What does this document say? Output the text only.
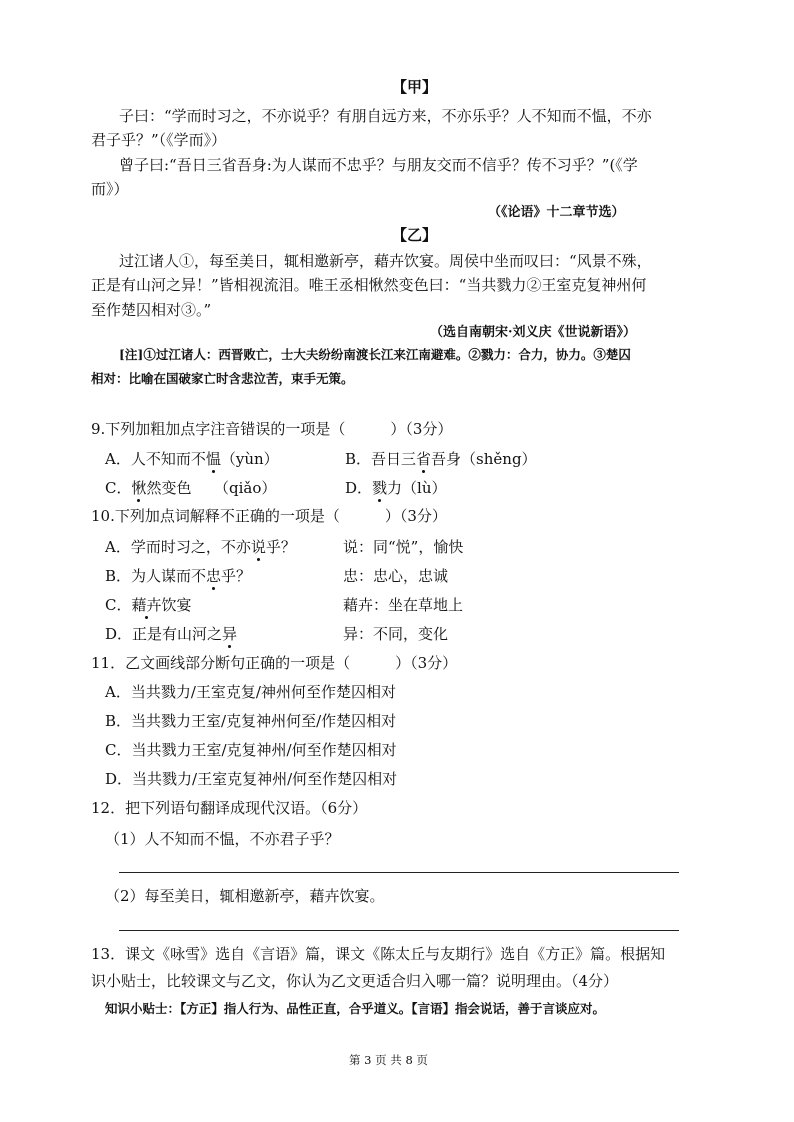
【甲】
子曰：“学而时习之，不亦说乎？有朋自远方来，不亦乐乎？人不知而不愠，不亦
君子乎？”（《学而》）
曾子曰:“吾日三省吾身:为人谋而不忠乎？与朋友交而不信乎？传不习乎？”(《学
而》）
（《论语》十二章节选）
【乙】
过江诸人①，每至美日，辄相邀新亭，藉卉饮宴。周侯中坐而叹曰：“风景不殊，
正是有山河之异！”皆相视流泪。唯王丞相愀然变色曰：“当共戮力②王室克复神州何
至作楚囚相对③。”
（选自南朝宋·刘义庆《世说新语》）
[注]①过江诸人：西晋败亡，士大夫纷纷南渡长江来江南避难。②戮力：合力，协力。③楚囚
相对：比喻在国破家亡时含悲泣苦，束手无策。
9.下列加粗加点字注音错误的一项是（　　　）（3分）
A．人不知而不愠（yùn）	B．吾日三省吾身（shěng）
C．愀然变色　　（qiǎo）	D．戮力（lù）
10.下列加点词解释不正确的一项是（　　　）（3分）
A．学而时习之，不亦说乎？	说：同“悦”，愉快
B．为人谋而不忠乎？	忠：忠心，忠诚
C．藉卉饮宴	藉卉：坐在草地上
D．正是有山河之异	异：不同，变化
11．乙文画线部分断句正确的一项是（　　　）（3分）
A．当共戮力/王室克复/神州何至作楚囚相对
B．当共戮力王室/克复神州何至/作楚囚相对
C．当共戮力王室/克复神州/何至作楚囚相对
D．当共戮力/王室克复神州/何至作楚囚相对
12．把下列语句翻译成现代汉语。（6分）
（1）人不知而不愠，不亦君子乎？
（2）每至美日，辄相邀新亭，藉卉饮宴。
13．课文《咏雪》选自《言语》篇，课文《陈太丘与友期行》选自《方正》篇。根据知
识小贴士，比较课文与乙文，你认为乙文更适合归入哪一篇？说明理由。（4分）
知识小贴士：【方正】指人行为、品性正直，合乎道义。【言语】指会说话，善于言谈应对。
第 3 页 共 8 页
